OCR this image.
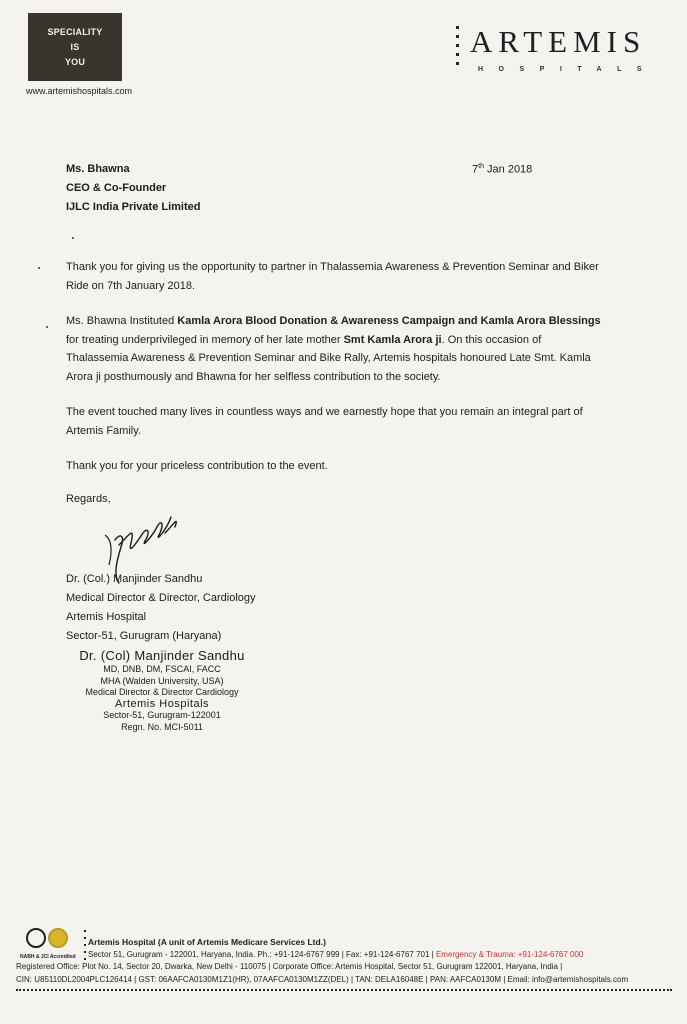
SPECIALITY
IS
YOU
www.artemishospitals.com
ARTEMIS
HOSPITALS
Ms. Bhawna
CEO & Co-Founder
IJLC India Private Limited
7th Jan 2018

Thank you for giving us the opportunity to partner in Thalassemia Awareness & Prevention Seminar and Biker Ride on 7th January 2018.

Ms. Bhawna Instituted Kamla Arora Blood Donation & Awareness Campaign and Kamla Arora Blessings for treating underprivileged in memory of her late mother Smt Kamla Arora ji. On this occasion of Thalassemia Awareness & Prevention Seminar and Bike Rally, Artemis hospitals honoured Late Smt. Kamla Arora ji posthumously and Bhawna for her selfless contribution to the society.

The event touched many lives in countless ways and we earnestly hope that you remain an integral part of Artemis Family.

Thank you for your priceless contribution to the event.

Regards,
Dr. (Col.) Manjinder Sandhu
Medical Director & Director, Cardiology
Artemis Hospital
Sector-51, Gurugram (Haryana)
Dr. (Col) Manjinder Sandhu
MD, DNB, DM, FSCAI, FACC
MHA (Walden University, USA)
Medical Director & Director Cardiology
Artemis Hospitals
Sector-51, Gurugram-122001
Regn. No. MCI-5011
NABH & JCI Accredited
Artemis Hospital (A unit of Artemis Medicare Services Ltd.)
Sector 51, Gurugram - 122001, Haryana, India. Ph.: +91-124-6767 999 | Fax: +91-124-6767 701 | Emergency & Trauma: +91-124-6767 000
Registered Office: Plot No. 14, Sector 20, Dwarka, New Delhi - 110075 | Corporate Office: Artemis Hospital, Sector 51, Gurugram 122001, Haryana, India |
CIN: U85110DL2004PLC126414 | GST: 06AAFCA0130M1Z1(HR), 07AAFCA0130M1ZZ(DEL) | TAN: DELA16048E | PAN: AAFCA0130M | Email: info@artemishospitals.com
